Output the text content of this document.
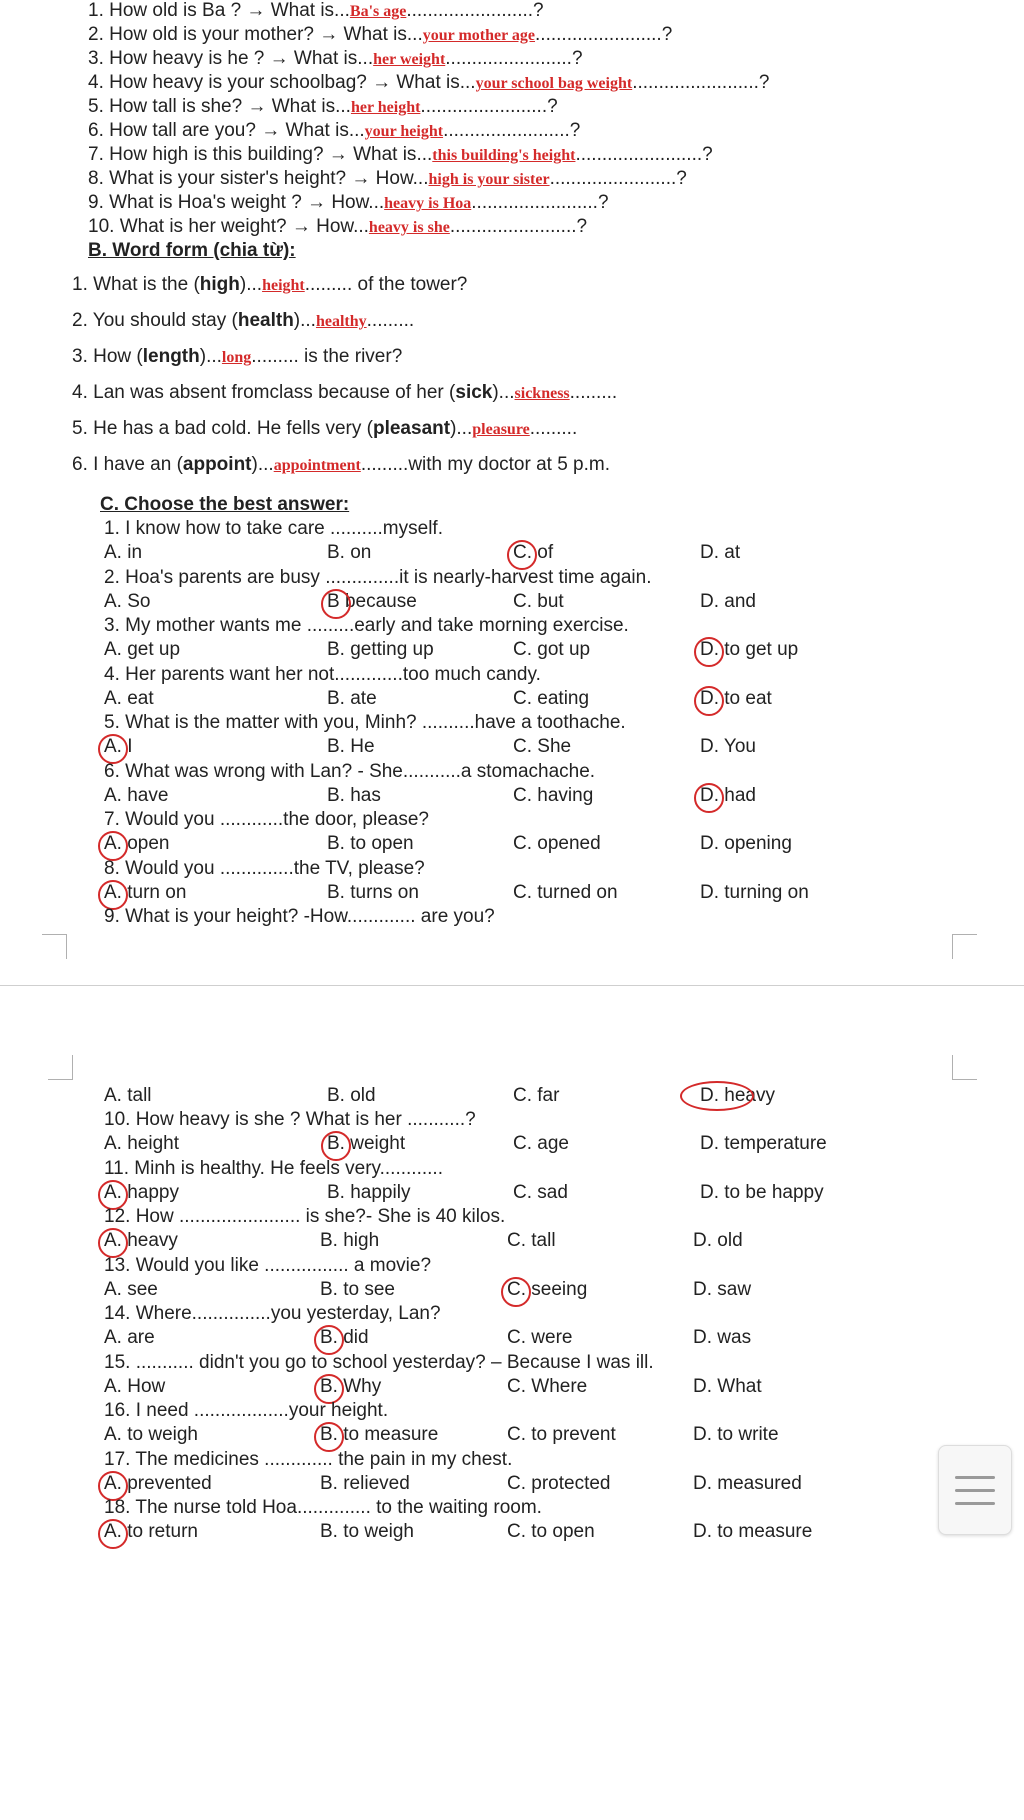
1. How old is Ba ? → What is...Ba's age........................?
2. How old is your mother? → What is...your mother age........................?
3. How heavy is he ? → What is...her weight........................?
4. How heavy is your schoolbag? → What is...your school bag weight........................?
5. How tall is she? → What is...her height........................?
6. How tall are you? → What is...your height........................?
7. How high is this building? → What is...this building's height........................?
8. What is your sister's height? → How...high is your sister........................?
9. What is Hoa's weight ? → How...heavy is Hoa........................?
10. What is her weight? → How...heavy is she........................?
B. Word form (chia từ):
1. What is the (high)...height......... of the tower?
2. You should stay (health)...healthy.........
3. How (length)...long......... is the river?
4. Lan was absent fromclass because of her (sick)...sickness.........
5. He has a bad cold. He fells very (pleasant)...pleasure.........
6. I have an (appoint)...appointment.........with my doctor at 5 p.m.
C. Choose the best answer:
1. I know how to take care ..........myself.
A. in	B. on	C. of	D. at
2. Hoa's parents are busy ..............it is nearly-harvest time again.
A. So	B because	C. but	D. and
3. My mother wants me .........early and take morning exercise.
A. get up	B. getting up	C. got up	D. to get up
4. Her parents want her not.............too much candy.
A. eat	B. ate	C. eating	D. to eat
5. What is the matter with you, Minh? ..........have a toothache.
A. I	B. He	C. She	D. You
6. What was wrong with Lan? - She...........a stomachache.
A. have	B. has	C. having	D. had
7. Would you ............the door, please?
A. open	B. to open	C. opened	D. opening
8. Would you ..............the TV, please?
A. turn on	B. turns on	C. turned on	D. turning on
9. What is your height? -How............. are you?
A. tall	B. old	C. far	D. heavy
10. How heavy is she ? What is her ...........?
A. height	B. weight	C. age	D. temperature
11. Minh is healthy. He feels very............
A. happy	B. happily	C. sad	D. to be happy
12. How ....................... is she?- She is 40 kilos.
A. heavy	B. high	C. tall	D. old
13. Would you like ................ a movie?
A. see	B. to see	C. seeing	D. saw
14. Where...............you yesterday, Lan?
A. are	B. did	C. were	D. was
15. ........... didn't you go to school yesterday? – Because I was ill.
A. How	B. Why	C. Where	D. What
16. I need ..................your height.
A. to weigh	B. to measure	C. to prevent	D. to write
17. The medicines ............. the pain in my chest.
A. prevented	B. relieved	C. protected	D. measured
18. The nurse told Hoa.............. to the waiting room.
A. to return	B. to weigh	C. to open	D. to measure
